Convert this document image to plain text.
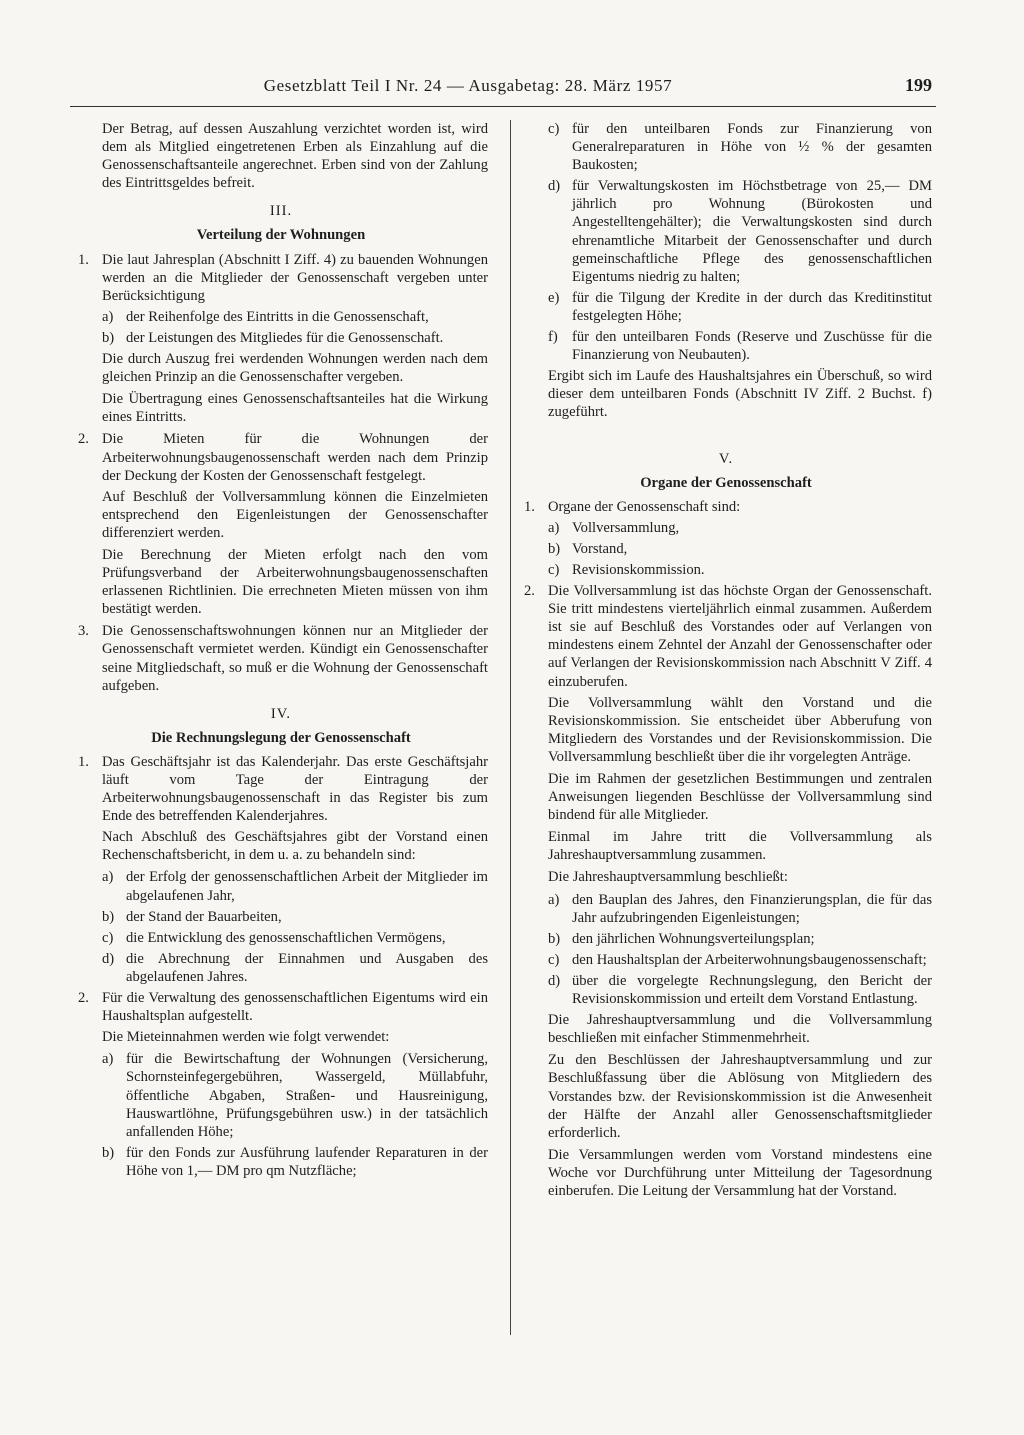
Gesetzblatt Teil I Nr. 24 — Ausgabetag: 28. März 1957	199

Der Betrag, auf dessen Auszahlung verzichtet worden ist, wird dem als Mitglied eingetretenen Erben als Einzahlung auf die Genossenschaftsanteile angerechnet. Erben sind von der Zahlung des Eintrittsgeldes befreit.

III.
Verteilung der Wohnungen
1. Die laut Jahresplan (Abschnitt I Ziff. 4) zu bauenden Wohnungen werden an die Mitglieder der Genossenschaft vergeben unter Berücksichtigung
a) der Reihenfolge des Eintritts in die Genossenschaft,
b) der Leistungen des Mitgliedes für die Genossenschaft.

Die durch Auszug frei werdenden Wohnungen werden nach dem gleichen Prinzip an die Genossenschafter vergeben.

Die Übertragung eines Genossenschaftsanteiles hat die Wirkung eines Eintritts.

2. Die Mieten für die Wohnungen der Arbeiterwohnungsbaugenossenschaft werden nach dem Prinzip der Deckung der Kosten der Genossenschaft festgelegt.

Auf Beschluß der Vollversammlung können die Einzelmieten entsprechend den Eigenleistungen der Genossenschafter differenziert werden.

Die Berechnung der Mieten erfolgt nach den vom Prüfungsverband der Arbeiterwohnungsbaugenossenschaften erlassenen Richtlinien. Die errechneten Mieten müssen von ihm bestätigt werden.

3. Die Genossenschaftswohnungen können nur an Mitglieder der Genossenschaft vermietet werden. Kündigt ein Genossenschafter seine Mitgliedschaft, so muß er die Wohnung der Genossenschaft aufgeben.
IV.
Die Rechnungslegung der Genossenschaft
1. Das Geschäftsjahr ist das Kalenderjahr. Das erste Geschäftsjahr läuft vom Tage der Eintragung der Arbeiterwohnungsbaugenossenschaft in das Register bis zum Ende des betreffenden Kalenderjahres.

Nach Abschluß des Geschäftsjahres gibt der Vorstand einen Rechenschaftsbericht, in dem u. a. zu behandeln sind:

a) der Erfolg der genossenschaftlichen Arbeit der Mitglieder im abgelaufenen Jahr,
b) der Stand der Bauarbeiten,
c) die Entwicklung des genossenschaftlichen Vermögens,
d) die Abrechnung der Einnahmen und Ausgaben des abgelaufenen Jahres.
2. Für die Verwaltung des genossenschaftlichen Eigentums wird ein Haushaltsplan aufgestellt.

Die Mieteinnahmen werden wie folgt verwendet:

a) für die Bewirtschaftung der Wohnungen (Versicherung, Schornsteinfegergebühren, Wassergeld, Müllabfuhr, öffentliche Abgaben, Straßen- und Hausreinigung, Hauswartlöhne, Prüfungsgebühren usw.) in der tatsächlich anfallenden Höhe;
b) für den Fonds zur Ausführung laufender Reparaturen in der Höhe von 1,— DM pro qm Nutzfläche;
c) für den unteilbaren Fonds zur Finanzierung von Generalreparaturen in Höhe von ½ % der gesamten Baukosten;
d) für Verwaltungskosten im Höchstbetrage von 25,— DM jährlich pro Wohnung (Bürokosten und Angestelltengehälter); die Verwaltungskosten sind durch ehrenamtliche Mitarbeit der Genossenschafter und durch gemeinschaftliche Pflege des genossenschaftlichen Eigentums niedrig zu halten;
e) für die Tilgung der Kredite in der durch das Kreditinstitut festgelegten Höhe;
f) für den unteilbaren Fonds (Reserve und Zuschüsse für die Finanzierung von Neubauten).

Ergibt sich im Laufe des Haushaltsjahres ein Überschuß, so wird dieser dem unteilbaren Fonds (Abschnitt IV Ziff. 2 Buchst. f) zugeführt.

V.
Organe der Genossenschaft
1. Organe der Genossenschaft sind:
a) Vollversammlung,
b) Vorstand,
c) Revisionskommission.
2. Die Vollversammlung ist das höchste Organ der Genossenschaft. Sie tritt mindestens vierteljährlich einmal zusammen. Außerdem ist sie auf Beschluß des Vorstandes oder auf Verlangen von mindestens einem Zehntel der Anzahl der Genossenschafter oder auf Verlangen der Revisionskommission nach Abschnitt V Ziff. 4 einzuberufen.

Die Vollversammlung wählt den Vorstand und die Revisionskommission. Sie entscheidet über Abberufung von Mitgliedern des Vorstandes und der Revisionskommission. Die Vollversammlung beschließt über die ihr vorgelegten Anträge.

Die im Rahmen der gesetzlichen Bestimmungen und zentralen Anweisungen liegenden Beschlüsse der Vollversammlung sind bindend für alle Mitglieder.

Einmal im Jahre tritt die Vollversammlung als Jahreshauptversammlung zusammen.

Die Jahreshauptversammlung beschließt:

a) den Bauplan des Jahres, den Finanzierungsplan, die für das Jahr aufzubringenden Eigenleistungen;
b) den jährlichen Wohnungsverteilungsplan;
c) den Haushaltsplan der Arbeiterwohnungsbaugenossenschaft;
d) über die vorgelegte Rechnungslegung, den Bericht der Revisionskommission und erteilt dem Vorstand Entlastung.

Die Jahreshauptversammlung und die Vollversammlung beschließen mit einfacher Stimmenmehrheit.

Zu den Beschlüssen der Jahreshauptversammlung und zur Beschlußfassung über die Ablösung von Mitgliedern des Vorstandes bzw. der Revisionskommission ist die Anwesenheit der Hälfte der Anzahl aller Genossenschaftsmitglieder erforderlich.

Die Versammlungen werden vom Vorstand mindestens eine Woche vor Durchführung unter Mitteilung der Tagesordnung einberufen. Die Leitung der Versammlung hat der Vorstand.
